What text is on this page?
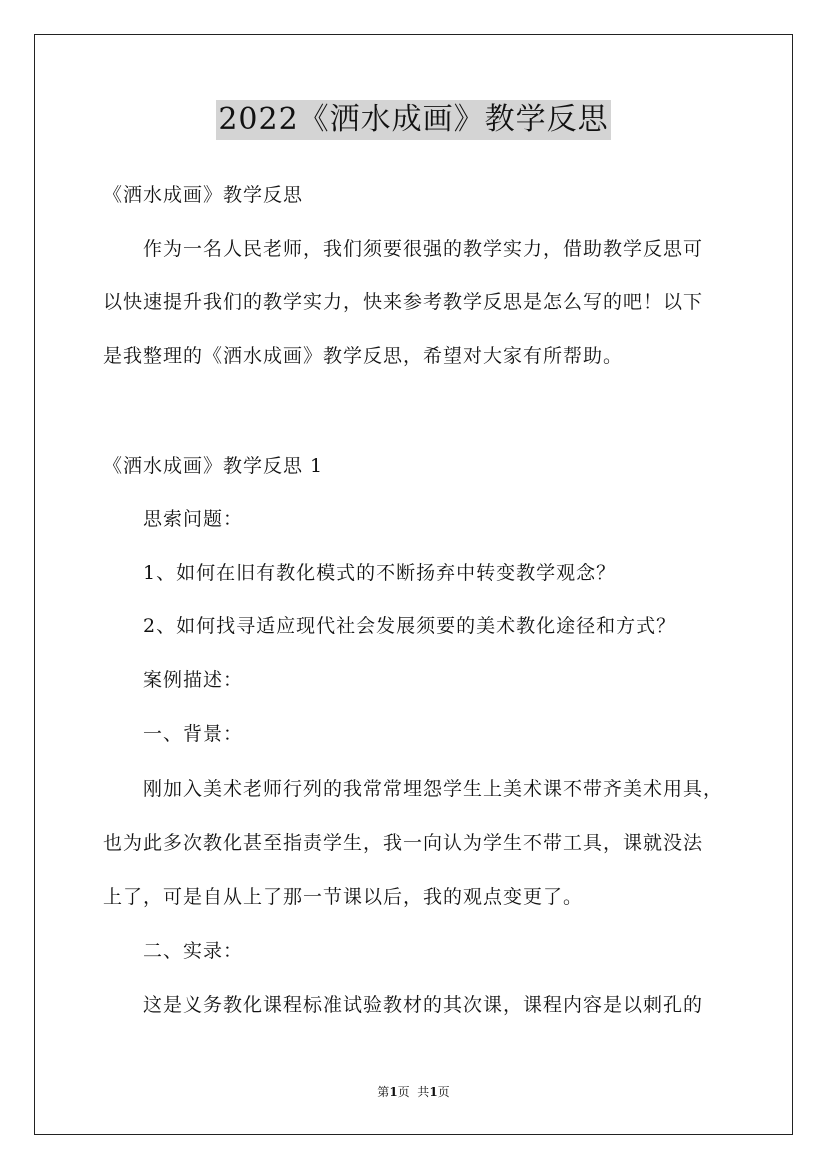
2022《洒水成画》教学反思
《洒水成画》教学反思
作为一名人民老师，我们须要很强的教学实力，借助教学反思可
以快速提升我们的教学实力，快来参考教学反思是怎么写的吧！以下
是我整理的《洒水成画》教学反思，希望对大家有所帮助。
《洒水成画》教学反思 1
思索问题：
1、如何在旧有教化模式的不断扬弃中转变教学观念？
2、如何找寻适应现代社会发展须要的美术教化途径和方式？
案例描述：
一、背景：
刚加入美术老师行列的我常常埋怨学生上美术课不带齐美术用具，
也为此多次教化甚至指责学生，我一向认为学生不带工具，课就没法
上了，可是自从上了那一节课以后，我的观点变更了。
二、实录：
这是义务教化课程标准试验教材的其次课，课程内容是以刺孔的
第1页  共1页
